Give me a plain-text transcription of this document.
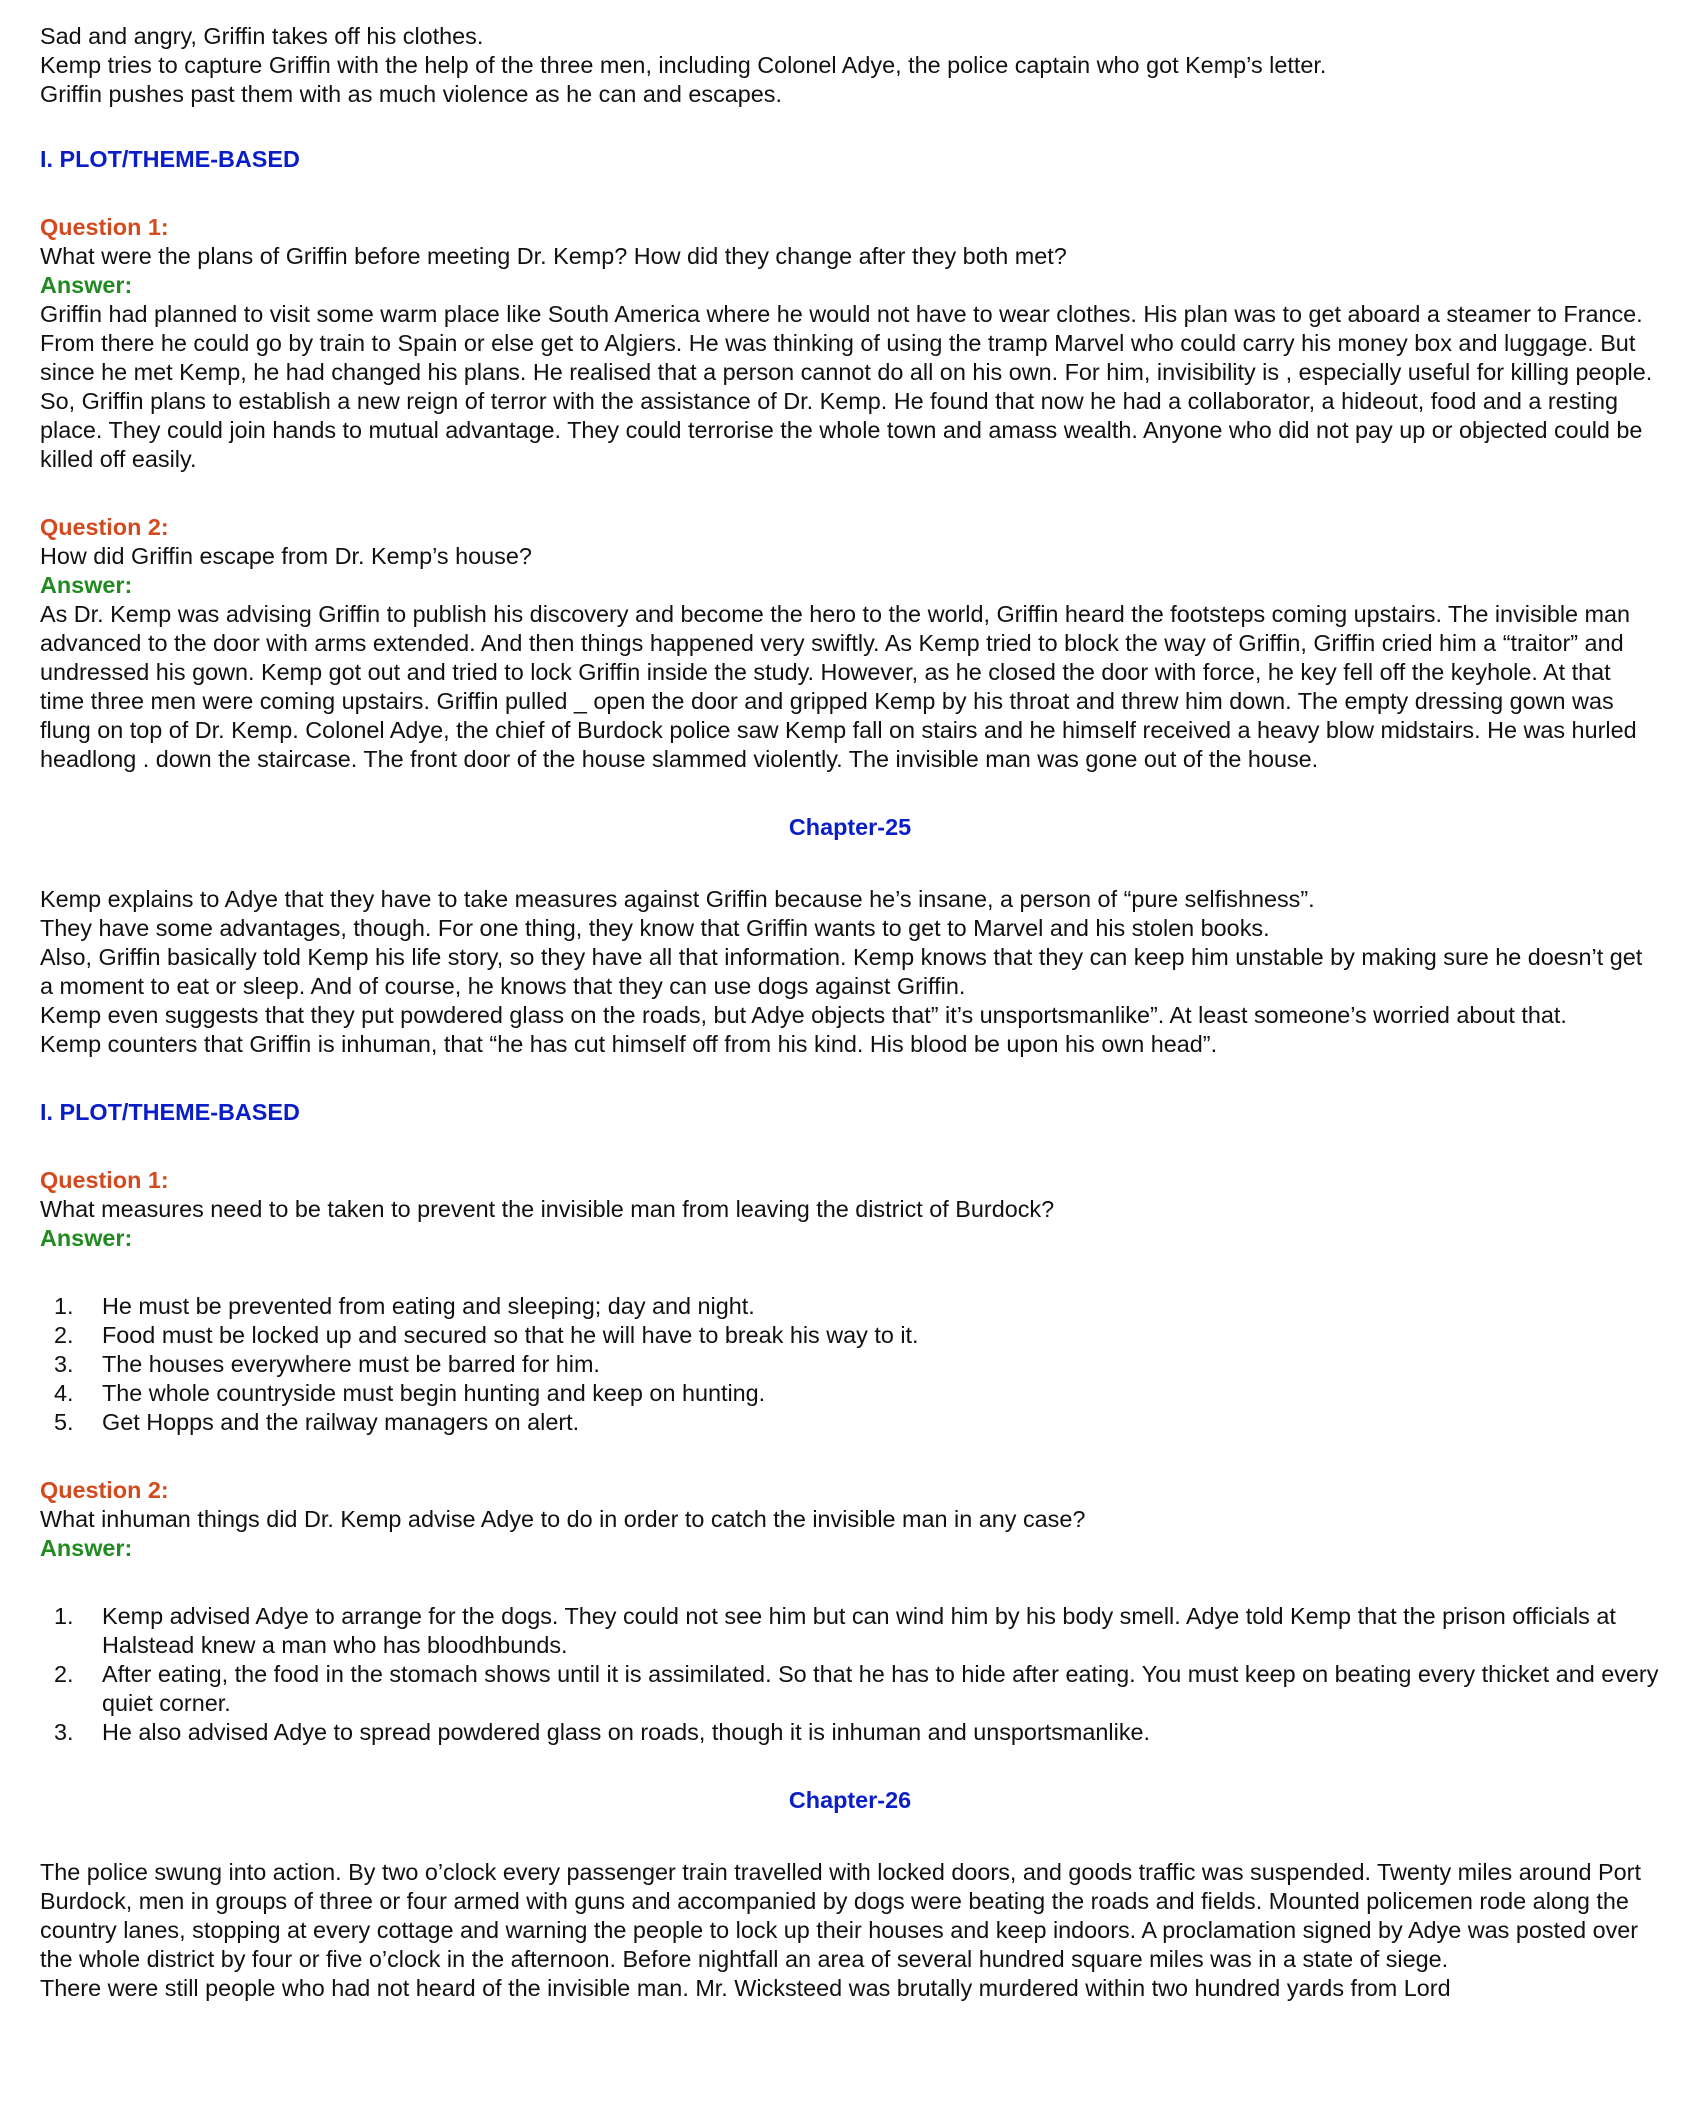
Sad and angry, Griffin takes off his clothes.

Kemp tries to capture Griffin with the help of the three men, including Colonel Adye, the police captain who got Kemp’s letter.

Griffin pushes past them with as much violence as he can and escapes.

I. PLOT/THEME-BASED

Question 1:

What were the plans of Griffin before meeting Dr. Kemp? How did they change after they both met?

Answer:

Griffin had planned to visit some warm place like South America where he would not have to wear clothes. His plan was to get aboard a steamer to France. From there he could go by train to Spain or else get to Algiers. He was thinking of using the tramp Marvel who could carry his money box and luggage. But since he met Kemp, he had changed his plans. He realised that a person cannot do all on his own. For him, invisibility is , especially useful for killing people. So, Griffin plans to establish a new reign of terror with the assistance of Dr. Kemp. He found that now he had a collaborator, a hideout, food and a resting place. They could join hands to mutual advantage. They could terrorise the whole town and amass wealth. Anyone who did not pay up or objected could be killed off easily.

Question 2:

How did Griffin escape from Dr. Kemp’s house?

Answer:

As Dr. Kemp was advising Griffin to publish his discovery and become the hero to the world, Griffin heard the footsteps coming upstairs. The invisible man advanced to the door with arms extended. And then things happened very swiftly. As Kemp tried to block the way of Griffin, Griffin cried him a “traitor” and undressed his gown. Kemp got out and tried to lock Griffin inside the study. However, as he closed the door with force, he key fell off the keyhole. At that time three men were coming upstairs. Griffin pulled _ open the door and gripped Kemp by his throat and threw him down. The empty dressing gown was flung on top of Dr. Kemp. Colonel Adye, the chief of Burdock police saw Kemp fall on stairs and he himself received a heavy blow midstairs. He was hurled headlong . down the staircase. The front door of the house slammed violently. The invisible man was gone out of the house.

Chapter-25

Kemp explains to Adye that they have to take measures against Griffin because he’s insane, a person of “pure selfishness”.

They have some advantages, though. For one thing, they know that Griffin wants to get to Marvel and his stolen books.

Also, Griffin basically told Kemp his life story, so they have all that information. Kemp knows that they can keep him unstable by making sure he doesn’t get a moment to eat or sleep. And of course, he knows that they can use dogs against Griffin.

Kemp even suggests that they put powdered glass on the roads, but Adye objects that” it’s unsportsmanlike”. At least someone’s worried about that.

Kemp counters that Griffin is inhuman, that “he has cut himself off from his kind. His blood be upon his own head”.

I. PLOT/THEME-BASED

Question 1:

What measures need to be taken to prevent the invisible man from leaving the district of Burdock?

Answer:

1.	He must be prevented from eating and sleeping; day and night.
2.	Food must be locked up and secured so that he will have to break his way to it.
3.	The houses everywhere must be barred for him.
4.	The whole countryside must begin hunting and keep on hunting.
5.	Get Hopps and the railway managers on alert.

Question 2:

What inhuman things did Dr. Kemp advise Adye to do in order to catch the invisible man in any case?

Answer:

1.	Kemp advised Adye to arrange for the dogs. They could not see him but can wind him by his body smell. Adye told Kemp that the prison officials at Halstead knew a man who has bloodhbunds.
2.	After eating, the food in the stomach shows until it is assimilated. So that he has to hide after eating. You must keep on beating every thicket and every quiet corner.
3.	He also advised Adye to spread powdered glass on roads, though it is inhuman and unsportsmanlike.

Chapter-26

The police swung into action. By two o’clock every passenger train travelled with locked doors, and goods traffic was suspended. Twenty miles around Port Burdock, men in groups of three or four armed with guns and accompanied by dogs were beating the roads and fields. Mounted policemen rode along the country lanes, stopping at every cottage and warning the people to lock up their houses and keep indoors. A proclamation signed by Adye was posted over the whole district by four or five o’clock in the afternoon. Before nightfall an area of several hundred square miles was in a state of siege.

There were still people who had not heard of the invisible man. Mr. Wicksteed was brutally murdered within two hundred yards from Lord
